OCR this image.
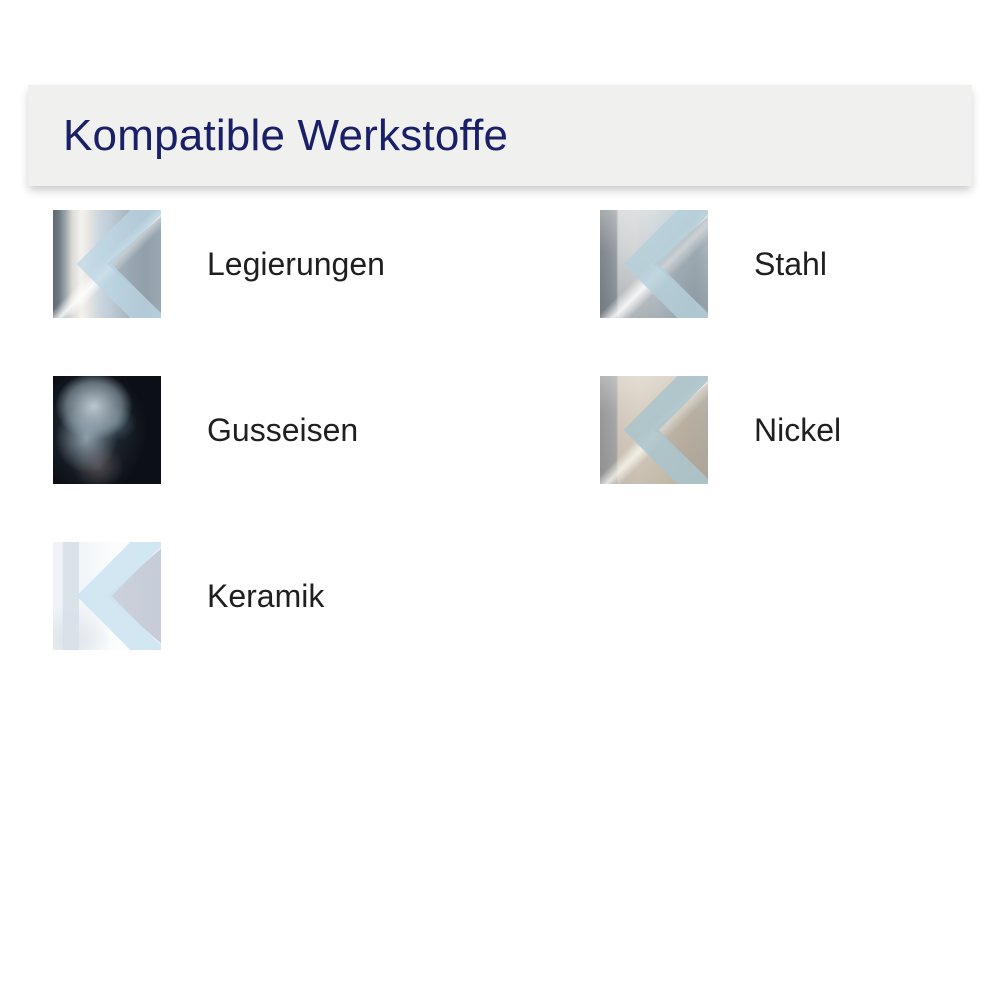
Kompatible Werkstoffe
Legierungen	Stahl
Gusseisen	Nickel
Keramik
